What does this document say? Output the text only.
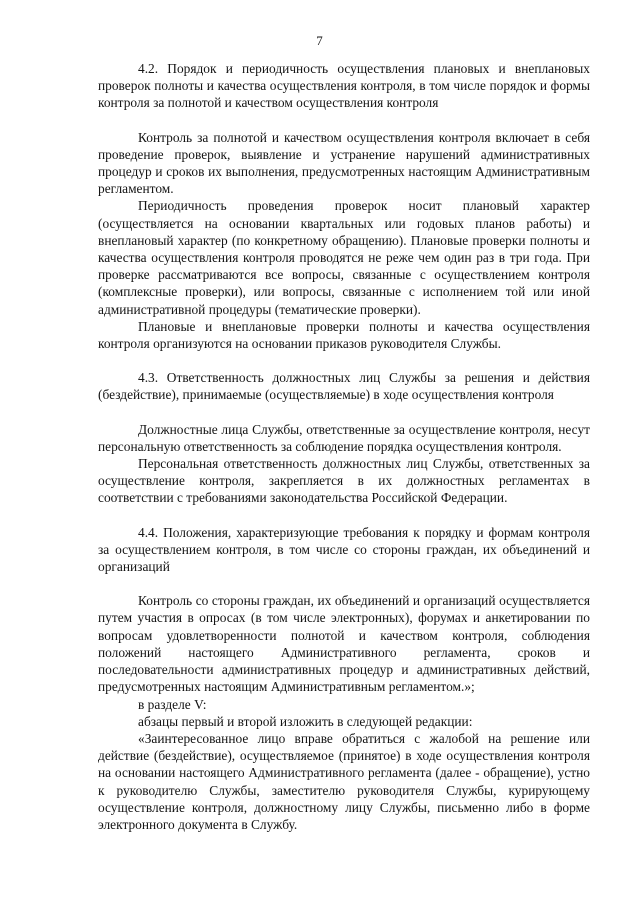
7

4.2. Порядок и периодичность осуществления плановых и внеплановых проверок полноты и качества осуществления контроля, в том числе порядок и формы контроля за полнотой и качеством осуществления контроля

Контроль за полнотой и качеством осуществления контроля включает в себя проведение проверок, выявление и устранение нарушений административных процедур и сроков их выполнения, предусмотренных настоящим Административным регламентом.

Периодичность проведения проверок носит плановый характер (осуществляется на основании квартальных или годовых планов работы) и внеплановый характер (по конкретному обращению). Плановые проверки полноты и качества осуществления контроля проводятся не реже чем один раз в три года. При проверке рассматриваются все вопросы, связанные с осуществлением контроля (комплексные проверки), или вопросы, связанные с исполнением той или иной административной процедуры (тематические проверки).

Плановые и внеплановые проверки полноты и качества осуществления контроля организуются на основании приказов руководителя Службы.

4.3. Ответственность должностных лиц Службы за решения и действия (бездействие), принимаемые (осуществляемые) в ходе осуществления контроля

Должностные лица Службы, ответственные за осуществление контроля, несут персональную ответственность за соблюдение порядка осуществления контроля.

Персональная ответственность должностных лиц Службы, ответственных за осуществление контроля, закрепляется в их должностных регламентах в соответствии с требованиями законодательства Российской Федерации.

4.4. Положения, характеризующие требования к порядку и формам контроля за осуществлением контроля, в том числе со стороны граждан, их объединений и организаций

Контроль со стороны граждан, их объединений и организаций осуществляется путем участия в опросах (в том числе электронных), форумах и анкетировании по вопросам удовлетворенности полнотой и качеством контроля, соблюдения положений настоящего Административного регламента, сроков и последовательности административных процедур и административных действий, предусмотренных настоящим Административным регламентом.»;

в разделе V:

абзацы первый и второй изложить в следующей редакции:

«Заинтересованное лицо вправе обратиться с жалобой на решение или действие (бездействие), осуществляемое (принятое) в ходе осуществления контроля на основании настоящего Административного регламента (далее - обращение), устно к руководителю Службы, заместителю руководителя Службы, курирующему осуществление контроля, должностному лицу Службы, письменно либо в форме электронного документа в Службу.
